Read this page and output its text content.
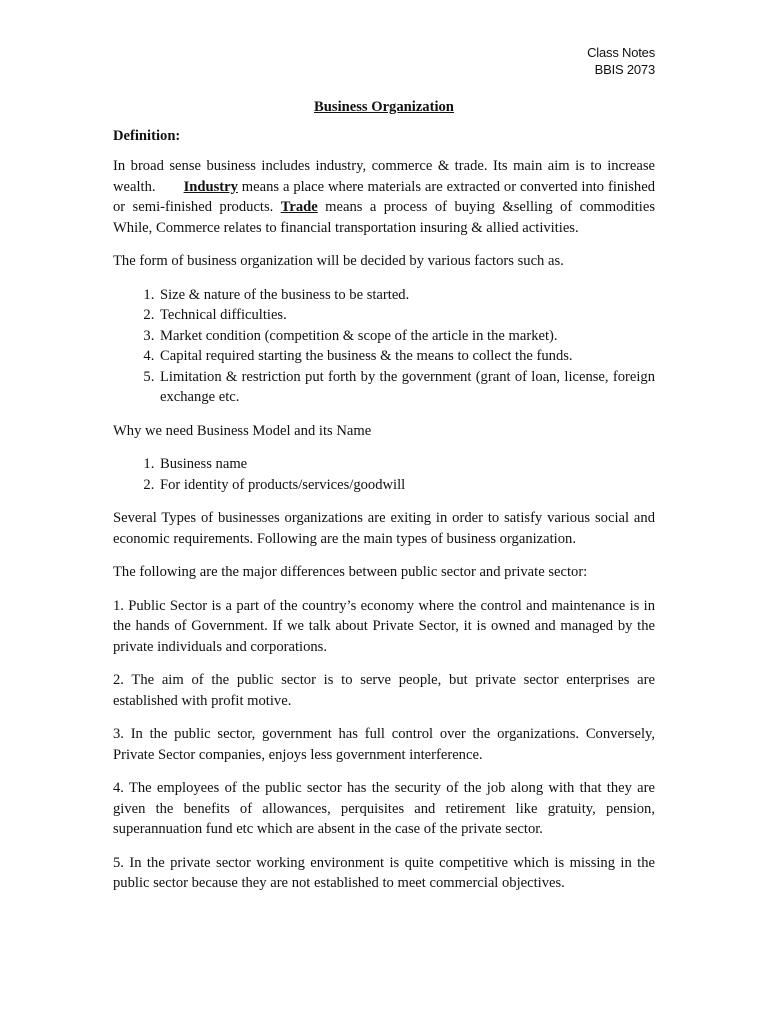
Class Notes
BBIS 2073
Business Organization
Definition:

In broad sense business includes industry, commerce & trade. Its main aim is to increase wealth. Industry means a place where materials are extracted or converted into finished or semi-finished products. Trade means a process of buying &selling of commodities While, Commerce relates to financial transportation insuring & allied activities.

The form of business organization will be decided by various factors such as.

1. Size & nature of the business to be started.
2. Technical difficulties.
3. Market condition (competition & scope of the article in the market).
4. Capital required starting the business & the means to collect the funds.
5. Limitation & restriction put forth by the government (grant of loan, license, foreign exchange etc.

Why we need Business Model and its Name

1. Business name
2. For identity of products/services/goodwill

Several Types of businesses organizations are exiting in order to satisfy various social and economic requirements. Following are the main types of business organization.

The following are the major differences between public sector and private sector:

1. Public Sector is a part of the country’s economy where the control and maintenance is in the hands of Government. If we talk about Private Sector, it is owned and managed by the private individuals and corporations.

2. The aim of the public sector is to serve people, but private sector enterprises are established with profit motive.

3. In the public sector, government has full control over the organizations. Conversely, Private Sector companies, enjoys less government interference.

4. The employees of the public sector has the security of the job along with that they are given the benefits of allowances, perquisites and retirement like gratuity, pension, superannuation fund etc which are absent in the case of the private sector.

5. In the private sector working environment is quite competitive which is missing in the public sector because they are not established to meet commercial objectives.
